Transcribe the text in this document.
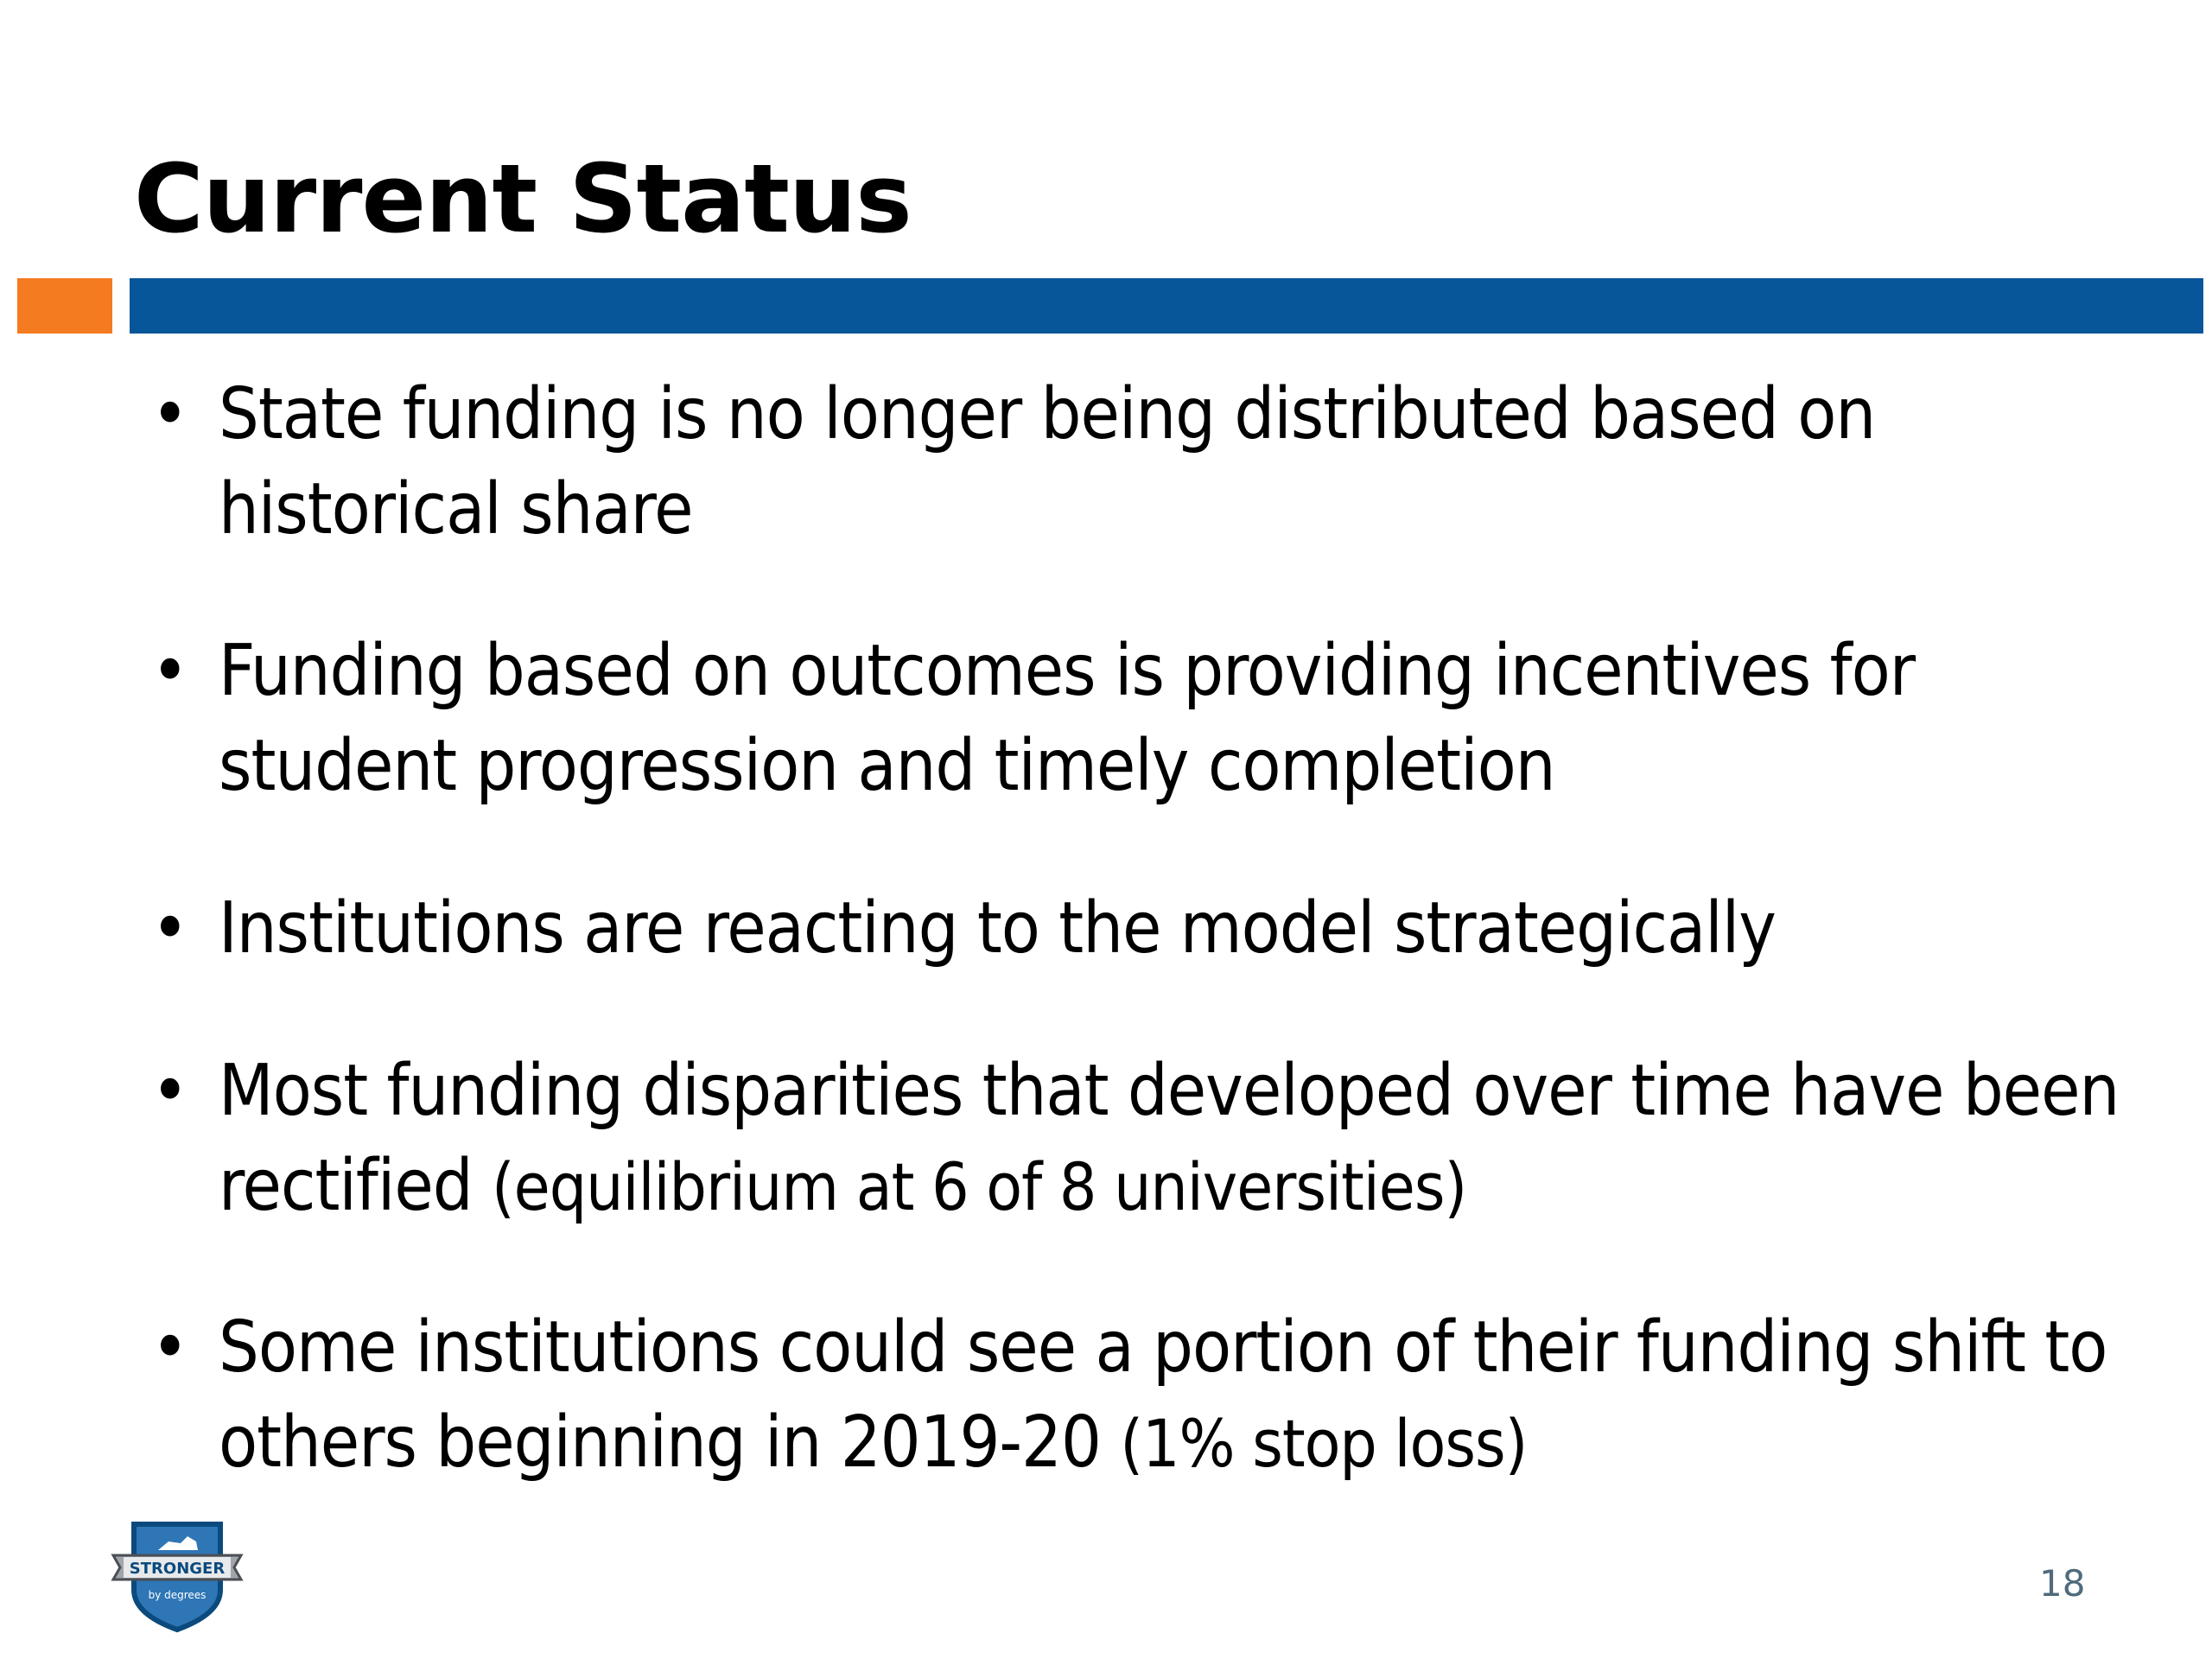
Current Status
• State funding is no longer being distributed based on historical share
• Funding based on outcomes is providing incentives for student progression and timely completion
• Institutions are reacting to the model strategically
• Most funding disparities that developed over time have been rectified (equilibrium at 6 of 8 universities)
• Some institutions could see a portion of their funding shift to others beginning in 2019-20 (1% stop loss)
STRONGER
by degrees	18
